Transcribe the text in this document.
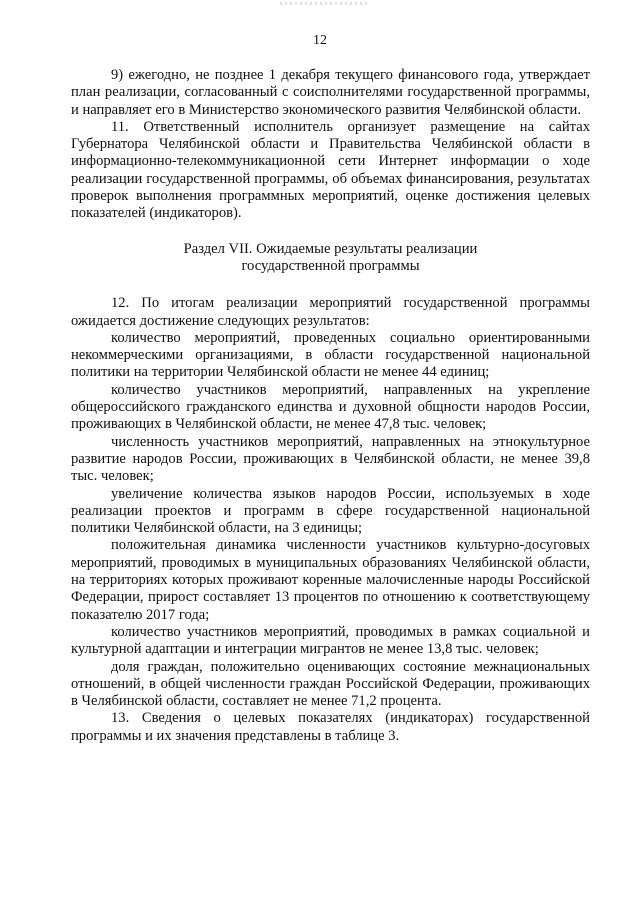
12

9) ежегодно, не позднее 1 декабря текущего финансового года, утверждает план реализации, согласованный с соисполнителями государственной программы, и направляет его в Министерство экономического развития Челябинской области.

11. Ответственный исполнитель организует размещение на сайтах Губернатора Челябинской области и Правительства Челябинской области в информационно-телекоммуникационной сети Интернет информации о ходе реализации государственной программы, об объемах финансирования, результатах проверок выполнения программных мероприятий, оценке достижения целевых показателей (индикаторов).

Раздел VII. Ожидаемые результаты реализации
государственной программы

12. По итогам реализации мероприятий государственной программы ожидается достижение следующих результатов:

количество мероприятий, проведенных социально ориентированными некоммерческими организациями, в области государственной национальной политики на территории Челябинской области не менее 44 единиц;

количество участников мероприятий, направленных на укрепление общероссийского гражданского единства и духовной общности народов России, проживающих в Челябинской области, не менее 47,8 тыс. человек;

численность участников мероприятий, направленных на этнокультурное развитие народов России, проживающих в Челябинской области, не менее 39,8 тыс. человек;

увеличение количества языков народов России, используемых в ходе реализации проектов и программ в сфере государственной национальной политики Челябинской области, на 3 единицы;

положительная динамика численности участников культурно-досуговых мероприятий, проводимых в муниципальных образованиях Челябинской области, на территориях которых проживают коренные малочисленные народы Российской Федерации, прирост составляет 13 процентов по отношению к соответствующему показателю 2017 года;

количество участников мероприятий, проводимых в рамках социальной и культурной адаптации и интеграции мигрантов не менее 13,8 тыс. человек;

доля граждан, положительно оценивающих состояние межнациональных отношений, в общей численности граждан Российской Федерации, проживающих в Челябинской области, составляет не менее 71,2 процента.

13. Сведения о целевых показателях (индикаторах) государственной программы и их значения представлены в таблице 3.
